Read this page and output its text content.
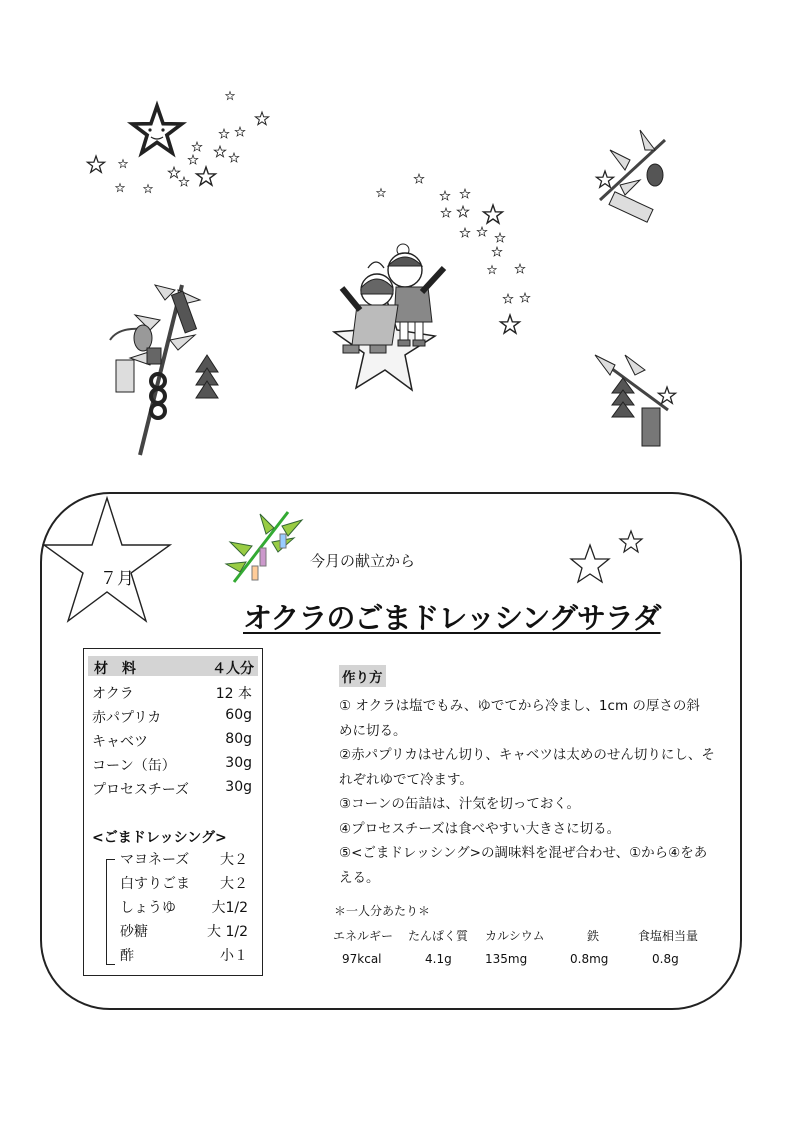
７月
今月の献立から
オクラのごまドレッシングサラダ
材　料	４人分
オクラ	12 本
赤パプリカ	60g
キャベツ	80g
コーン（缶）	30g
プロセスチーズ	30g
<ごまドレッシング>
マヨネーズ 大２
白すりごま 大２
しょうゆ	大1/2
砂糖	大 1/2
酢	小１
作り方
① オクラは塩でもみ、ゆでてから冷まし、1cm の厚さの斜
めに切る。
②赤パプリカはせん切り、キャベツは太めのせん切りにし、そ
れぞれゆでて冷ます。
③コーンの缶詰は、汁気を切っておく。
④プロセスチーズは食べやすい大きさに切る。
⑤<ごまドレッシング>の調味料を混ぜ合わせ、①から④をあ
える。
＊一人分あたり＊
エネルギー たんぱく質 カルシウム	鉄	食塩相当量
97kcal	4.1g	135mg	0.8mg	0.8g
